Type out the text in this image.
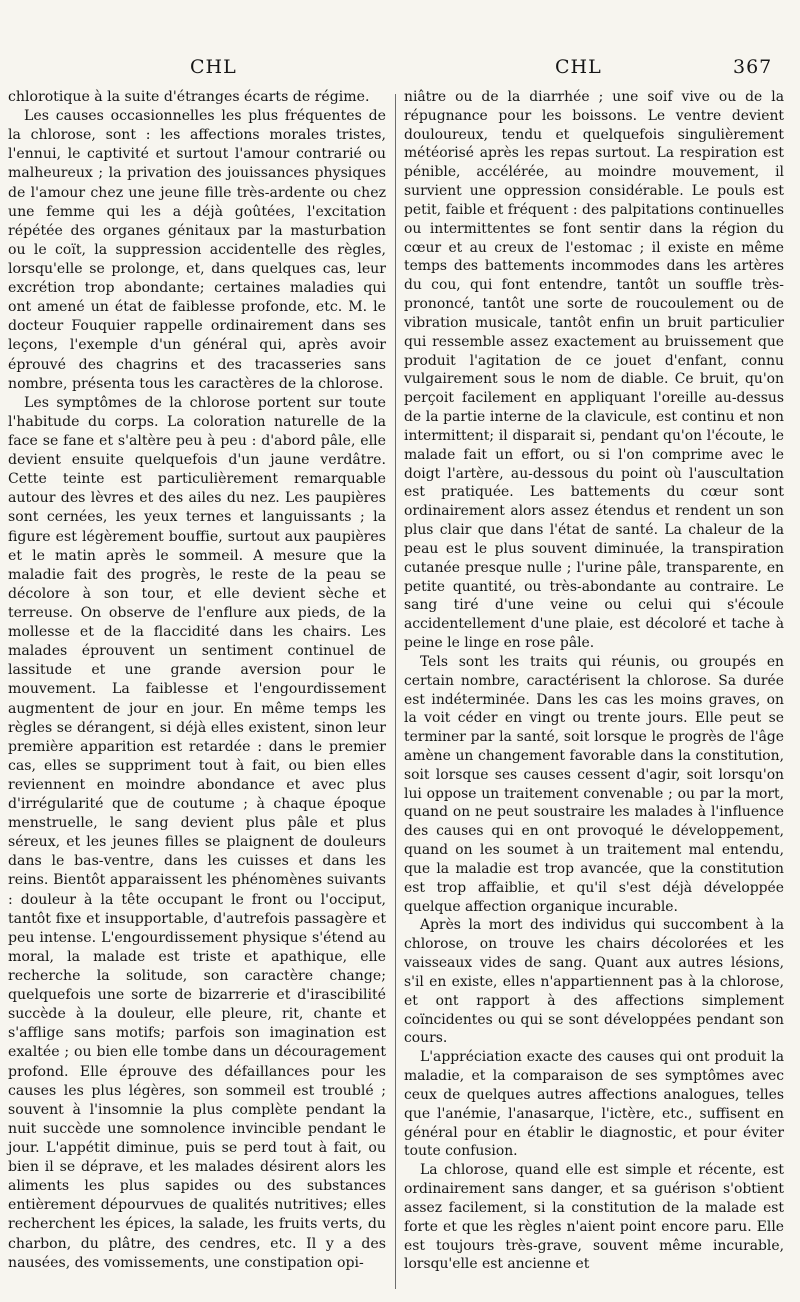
CHL	CHL	367

chlorotique à la suite d'étranges écarts de régime.

Les causes occasionnelles les plus fréquentes de la chlorose, sont : les affections morales tristes, l'ennui, le captivité et surtout l'amour contrarié ou malheureux ; la privation des jouissances physiques de l'amour chez une jeune fille très-ardente ou chez une femme qui les a déjà goûtées, l'excitation répétée des organes génitaux par la masturbation ou le coït, la suppression accidentelle des règles, lorsqu'elle se prolonge, et, dans quelques cas, leur excrétion trop abondante; certaines maladies qui ont amené un état de faiblesse profonde, etc. M. le docteur Fouquier rappelle ordinairement dans ses leçons, l'exemple d'un général qui, après avoir éprouvé des chagrins et des tracasseries sans nombre, présenta tous les caractères de la chlorose.

Les symptômes de la chlorose portent sur toute l'habitude du corps. La coloration naturelle de la face se fane et s'altère peu à peu : d'abord pâle, elle devient ensuite quelquefois d'un jaune verdâtre. Cette teinte est particulièrement remarquable autour des lèvres et des ailes du nez. Les paupières sont cernées, les yeux ternes et languissants ; la figure est légèrement bouffie, surtout aux paupières et le matin après le sommeil. A mesure que la maladie fait des progrès, le reste de la peau se décolore à son tour, et elle devient sèche et terreuse. On observe de l'enflure aux pieds, de la mollesse et de la flaccidité dans les chairs. Les malades éprouvent un sentiment continuel de lassitude et une grande aversion pour le mouvement. La faiblesse et l'engourdissement augmentent de jour en jour. En même temps les règles se dérangent, si déjà elles existent, sinon leur première apparition est retardée : dans le premier cas, elles se suppriment tout à fait, ou bien elles reviennent en moindre abondance et avec plus d'irrégularité que de coutume ; à chaque époque menstruelle, le sang devient plus pâle et plus séreux, et les jeunes filles se plaignent de douleurs dans le bas-ventre, dans les cuisses et dans les reins. Bientôt apparaissent les phénomènes suivants : douleur à la tête occupant le front ou l'occiput, tantôt fixe et insupportable, d'autrefois passagère et peu intense. L'engourdissement physique s'étend au moral, la malade est triste et apathique, elle recherche la solitude, son caractère change; quelquefois une sorte de bizarrerie et d'irascibilité succède à la douleur, elle pleure, rit, chante et s'afflige sans motifs; parfois son imagination est exaltée ; ou bien elle tombe dans un découragement profond. Elle éprouve des défaillances pour les causes les plus légères, son sommeil est troublé ; souvent à l'insomnie la plus complète pendant la nuit succède une somnolence invincible pendant le jour. L'appétit diminue, puis se perd tout à fait, ou bien il se déprave, et les malades désirent alors les aliments les plus sapides ou des substances entièrement dépourvues de qualités nutritives; elles recherchent les épices, la salade, les fruits verts, du charbon, du plâtre, des cendres, etc. Il y a des nausées, des vomissements, une constipation opi-

niâtre ou de la diarrhée ; une soif vive ou de la répugnance pour les boissons. Le ventre devient douloureux, tendu et quelquefois singulièrement météorisé après les repas surtout. La respiration est pénible, accélérée, au moindre mouvement, il survient une oppression considérable. Le pouls est petit, faible et fréquent : des palpitations continuelles ou intermittentes se font sentir dans la région du cœur et au creux de l'estomac ; il existe en même temps des battements incommodes dans les artères du cou, qui font entendre, tantôt un souffle très-prononcé, tantôt une sorte de roucoulement ou de vibration musicale, tantôt enfin un bruit particulier qui ressemble assez exactement au bruissement que produit l'agitation de ce jouet d'enfant, connu vulgairement sous le nom de diable. Ce bruit, qu'on perçoit facilement en appliquant l'oreille au-dessus de la partie interne de la clavicule, est continu et non intermittent; il disparait si, pendant qu'on l'écoute, le malade fait un effort, ou si l'on comprime avec le doigt l'artère, au-dessous du point où l'auscultation est pratiquée. Les battements du cœur sont ordinairement alors assez étendus et rendent un son plus clair que dans l'état de santé. La chaleur de la peau est le plus souvent diminuée, la transpiration cutanée presque nulle ; l'urine pâle, transparente, en petite quantité, ou très-abondante au contraire. Le sang tiré d'une veine ou celui qui s'écoule accidentellement d'une plaie, est décoloré et tache à peine le linge en rose pâle.

Tels sont les traits qui réunis, ou groupés en certain nombre, caractérisent la chlorose. Sa durée est indéterminée. Dans les cas les moins graves, on la voit céder en vingt ou trente jours. Elle peut se terminer par la santé, soit lorsque le progrès de l'âge amène un changement favorable dans la constitution, soit lorsque ses causes cessent d'agir, soit lorsqu'on lui oppose un traitement convenable ; ou par la mort, quand on ne peut soustraire les malades à l'influence des causes qui en ont provoqué le développement, quand on les soumet à un traitement mal entendu, que la maladie est trop avancée, que la constitution est trop affaiblie, et qu'il s'est déjà développée quelque affection organique incurable.

Après la mort des individus qui succombent à la chlorose, on trouve les chairs décolorées et les vaisseaux vides de sang. Quant aux autres lésions, s'il en existe, elles n'appartiennent pas à la chlorose, et ont rapport à des affections simplement coïncidentes ou qui se sont développées pendant son cours.

L'appréciation exacte des causes qui ont produit la maladie, et la comparaison de ses symptômes avec ceux de quelques autres affections analogues, telles que l'anémie, l'anasarque, l'ictère, etc., suffisent en général pour en établir le diagnostic, et pour éviter toute confusion.

La chlorose, quand elle est simple et récente, est ordinairement sans danger, et sa guérison s'obtient assez facilement, si la constitution de la malade est forte et que les règles n'aient point encore paru. Elle est toujours très-grave, souvent même incurable, lorsqu'elle est ancienne et
